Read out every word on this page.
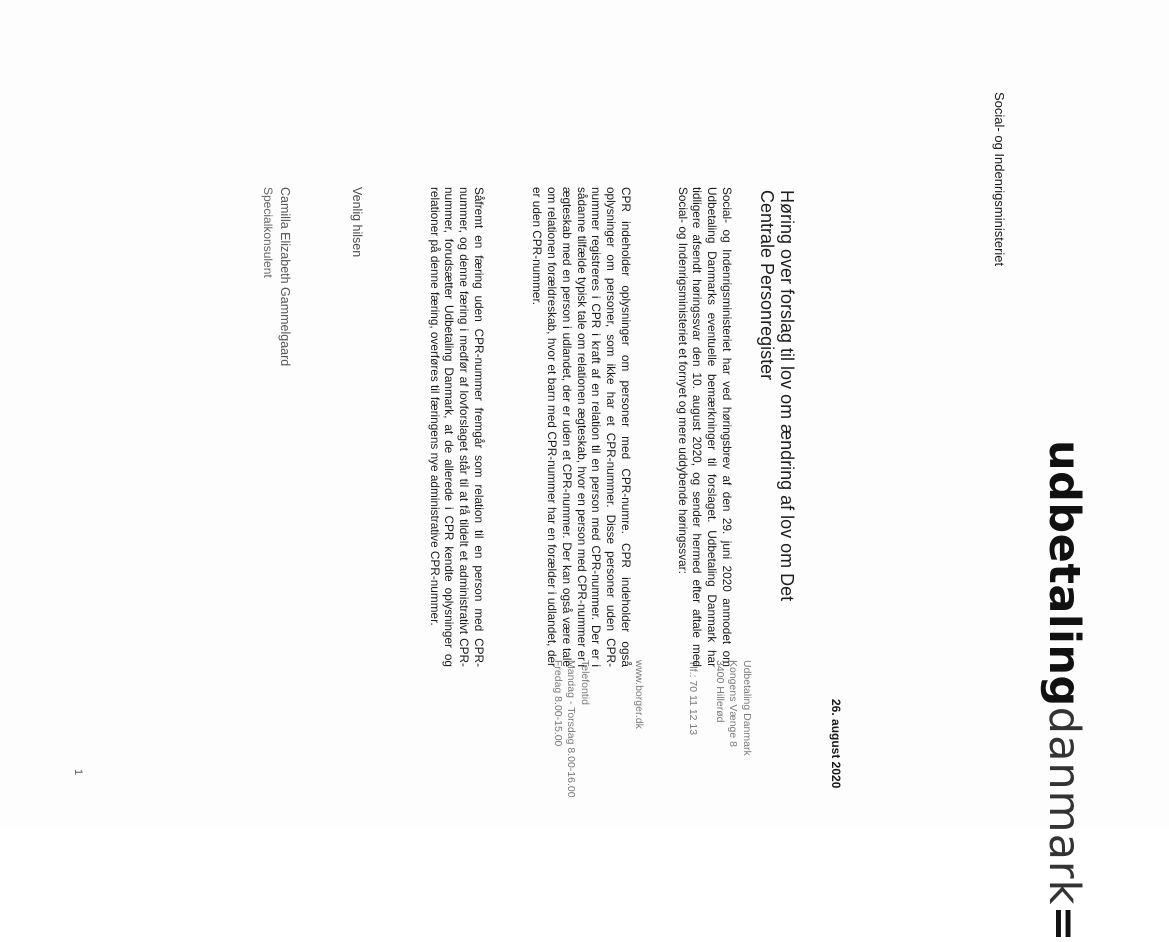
udbetalingdanmark=
26. august 2020
Udbetaling Danmark
Kongens Vænge 8
3400 Hillerød
Tlf.: 70 11 12 13
www.borger.dk
Telefontid
Mandag - Torsdag 8.00-16.00
Fredag 8.00-15.00
Social- og Indenrigsministeriet
Høring over forslag til lov om ændring af lov om Det Centrale Personregister
Social- og Indenrigsministeriet har ved høringsbrev af den 29. juni 2020 anmodet om Udbetaling Danmarks eventuelle bemærkninger til forslaget. Udbetaling Danmark har tidligere afsendt høringssvar den 10. august 2020, og sender hermed efter aftale med Social- og Indenrigsministeriet et fornyet og mere uddybende høringssvar:
CPR indeholder oplysninger om personer med CPR-numre. CPR indeholder også oplysninger om personer, som ikke har et CPR-nummer. Disse personer uden CPR-nummer registreres i CPR i kraft af en relation til en person med CPR-nummer. Der er i sådanne tilfælde typisk tale om relationen ægteskab, hvor en person med CPR-nummer er i ægteskab med en person i udlandet, der er uden et CPR-nummer. Der kan også være tale om relationen forældreskab, hvor et barn med CPR-nummer har en forælder i udlandet, der er uden CPR-nummer.
Såfremt en færing uden CPR-nummer fremgår som relation til en person med CPR-nummer, og denne færing i medfør af lovforslaget står til at få tildelt et administrativt CPR-nummer, forudsætter Udbetaling Danmark, at de allerede i CPR kendte oplysninger og relationer på denne færing, overføres til færingens nye administrative CPR-nummer.
Venlig hilsen
Camilla Elizabeth Gammelgaard
Specialkonsulent
1
